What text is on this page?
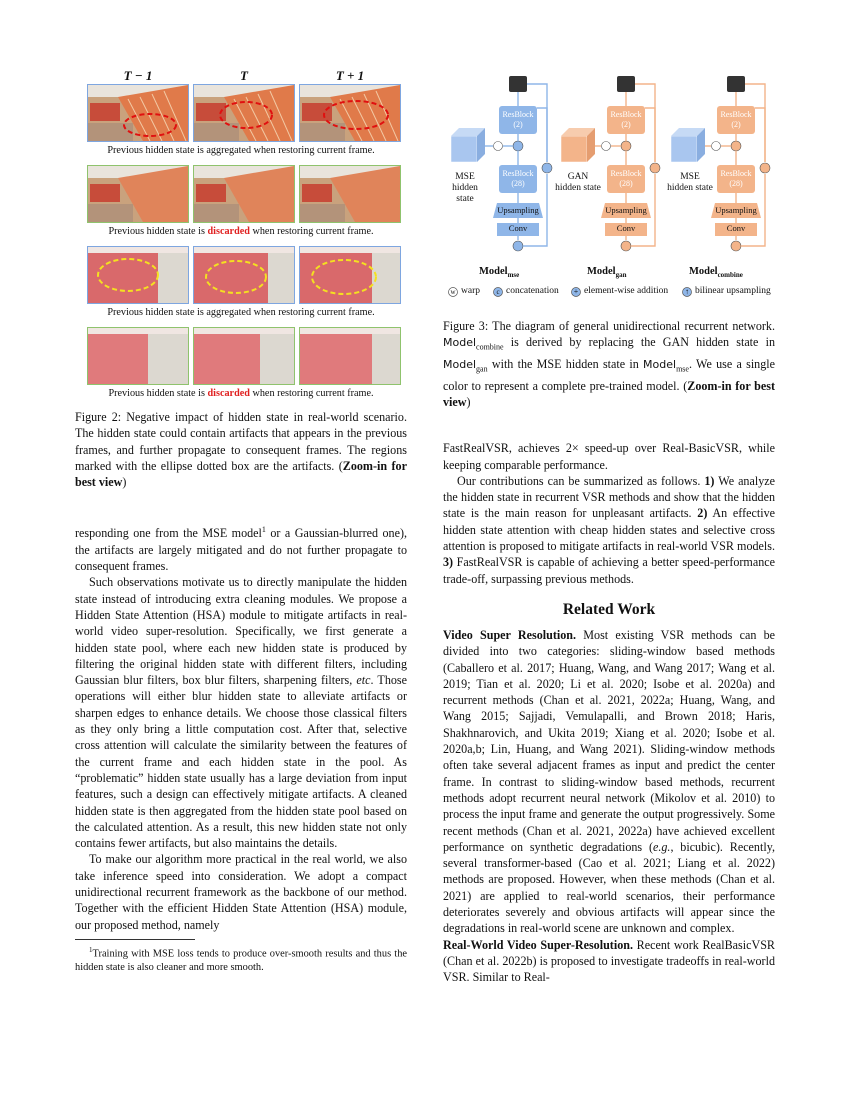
T − 1	T	T + 1
Previous hidden state is aggregated when restoring current frame.
Previous hidden state is discarded when restoring current frame.
Previous hidden state is aggregated when restoring current frame.
Previous hidden state is discarded when restoring current frame.

Figure 2: Negative impact of hidden state in real-world scenario. The hidden state could contain artifacts that appears in the previous frames, and further propagate to consequent frames. The regions marked with the ellipse dotted box are the artifacts. (Zoom-in for best view)

responding one from the MSE model$^1$ or a Gaussian-blurred one), the artifacts are largely mitigated and do not further propagate to consequent frames.

Such observations motivate us to directly manipulate the hidden state instead of introducing extra cleaning modules. We propose a Hidden State Attention (HSA) module to mitigate artifacts in real-world video super-resolution. Specifically, we first generate a hidden state pool, where each new hidden state is produced by filtering the original hidden state with different filters, including Gaussian blur filters, box blur filters, sharpening filters, etc. Those operations will either blur hidden state to alleviate artifacts or sharpen edges to enhance details. We choose those classical filters as they only bring a little computation cost. After that, selective cross attention will calculate the similarity between the features of the current frame and each hidden state in the pool. As “problematic” hidden state usually has a large deviation from input features, such a design can effectively mitigate artifacts. A cleaned hidden state is then aggregated from the hidden state pool based on the calculated attention. As a result, this new hidden state not only contains fewer artifacts, but also maintains the details.

To make our algorithm more practical in the real world, we also take inference speed into consideration. We adopt a compact unidirectional recurrent framework as the backbone of our method. Together with the efficient Hidden State Attention (HSA) module, our proposed method, namely

$^1$Training with MSE loss tends to produce over-smooth results and thus the hidden state is also cleaner and more smooth.

ResBlock
(2)
ResBlock
(28)
Upsampling
Conv
ResBlock
(2)
ResBlock
(28)
Upsampling
Conv
ResBlock
(2)
ResBlock
(28)
Upsampling
Conv
MSE
hidden state
GAN
hidden state
MSE
hidden state
Model$_{mse}$	Model$_{gan}$	Model$_{combine}$
w warp	c concatenation + element-wise addition ↑ bilinear upsampling

Figure 3: The diagram of general unidirectional recurrent network. Model$_{combine}$ is derived by replacing the GAN hidden state in Model$_{gan}$ with the MSE hidden state in Model$_{mse}$. We use a single color to represent a complete pre-trained model. (Zoom-in for best view)

FastRealVSR, achieves 2× speed-up over Real-BasicVSR, while keeping comparable performance.

Our contributions can be summarized as follows. 1) We analyze the hidden state in recurrent VSR methods and show that the hidden state is the main reason for unpleasant artifacts. 2) An effective hidden state attention with cheap hidden states and selective cross attention is proposed to mitigate artifacts in real-world VSR models. 3) FastRealVSR is capable of achieving a better speed-performance trade-off, surpassing previous methods.

Related Work

Video Super Resolution. Most existing VSR methods can be divided into two categories: sliding-window based methods (Caballero et al. 2017; Huang, Wang, and Wang 2017; Wang et al. 2019; Tian et al. 2020; Li et al. 2020; Isobe et al. 2020a) and recurrent methods (Chan et al. 2021, 2022a; Huang, Wang, and Wang 2015; Sajjadi, Vemulapalli, and Brown 2018; Haris, Shakhnarovich, and Ukita 2019; Xiang et al. 2020; Isobe et al. 2020a,b; Lin, Huang, and Wang 2021). Sliding-window methods often take several adjacent frames as input and predict the center frame. In contrast to sliding-window based methods, recurrent methods adopt recurrent neural network (Mikolov et al. 2010) to process the input frame and generate the output progressively. Some recent methods (Chan et al. 2021, 2022a) have achieved excellent performance on synthetic degradations (e.g., bicubic). Recently, several transformer-based (Cao et al. 2021; Liang et al. 2022) methods are proposed. However, when these methods (Chan et al. 2021) are applied to real-world scenarios, their performance deteriorates severely and obvious artifacts will appear since the degradations in real-world scene are unknown and complex.

Real-World Video Super-Resolution. Recent work RealBasicVSR (Chan et al. 2022b) is proposed to investigate tradeoffs in real-world VSR. Similar to Real-
